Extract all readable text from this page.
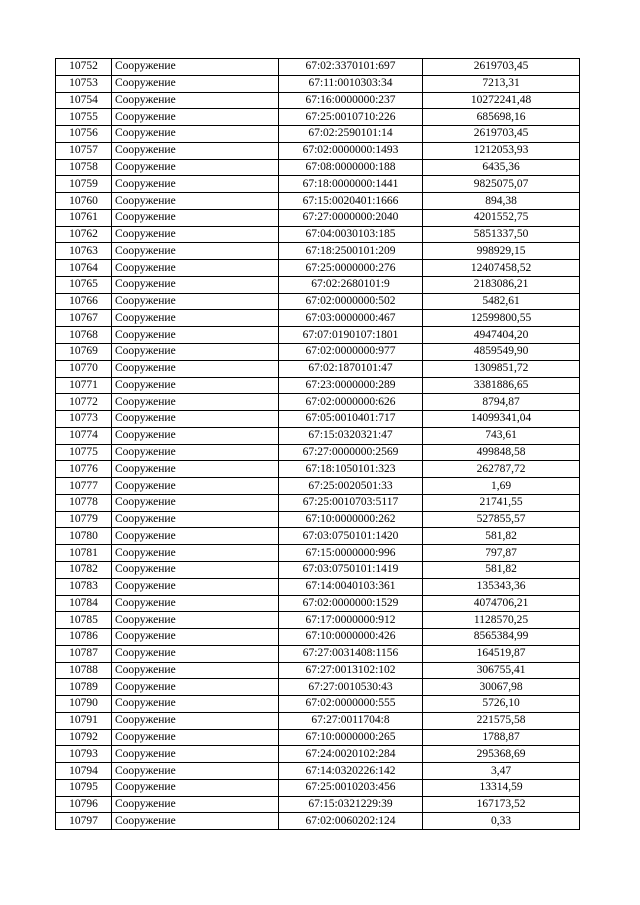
10752	Сооружение	67:02:3370101:697	2619703,45
10753	Сооружение	67:11:0010303:34	7213,31
10754	Сооружение	67:16:0000000:237	10272241,48
10755	Сооружение	67:25:0010710:226	685698,16
10756	Сооружение	67:02:2590101:14	2619703,45
10757	Сооружение	67:02:0000000:1493	1212053,93
10758	Сооружение	67:08:0000000:188	6435,36
10759	Сооружение	67:18:0000000:1441	9825075,07
10760	Сооружение	67:15:0020401:1666	894,38
10761	Сооружение	67:27:0000000:2040	4201552,75
10762	Сооружение	67:04:0030103:185	5851337,50
10763	Сооружение	67:18:2500101:209	998929,15
10764	Сооружение	67:25:0000000:276	12407458,52
10765	Сооружение	67:02:2680101:9	2183086,21
10766	Сооружение	67:02:0000000:502	5482,61
10767	Сооружение	67:03:0000000:467	12599800,55
10768	Сооружение	67:07:0190107:1801	4947404,20
10769	Сооружение	67:02:0000000:977	4859549,90
10770	Сооружение	67:02:1870101:47	1309851,72
10771	Сооружение	67:23:0000000:289	3381886,65
10772	Сооружение	67:02:0000000:626	8794,87
10773	Сооружение	67:05:0010401:717	14099341,04
10774	Сооружение	67:15:0320321:47	743,61
10775	Сооружение	67:27:0000000:2569	499848,58
10776	Сооружение	67:18:1050101:323	262787,72
10777	Сооружение	67:25:0020501:33	1,69
10778	Сооружение	67:25:0010703:5117	21741,55
10779	Сооружение	67:10:0000000:262	527855,57
10780	Сооружение	67:03:0750101:1420	581,82
10781	Сооружение	67:15:0000000:996	797,87
10782	Сооружение	67:03:0750101:1419	581,82
10783	Сооружение	67:14:0040103:361	135343,36
10784	Сооружение	67:02:0000000:1529	4074706,21
10785	Сооружение	67:17:0000000:912	1128570,25
10786	Сооружение	67:10:0000000:426	8565384,99
10787	Сооружение	67:27:0031408:1156	164519,87
10788	Сооружение	67:27:0013102:102	306755,41
10789	Сооружение	67:27:0010530:43	30067,98
10790	Сооружение	67:02:0000000:555	5726,10
10791	Сооружение	67:27:0011704:8	221575,58
10792	Сооружение	67:10:0000000:265	1788,87
10793	Сооружение	67:24:0020102:284	295368,69
10794	Сооружение	67:14:0320226:142	3,47
10795	Сооружение	67:25:0010203:456	13314,59
10796	Сооружение	67:15:0321229:39	167173,52
10797	Сооружение	67:02:0060202:124	0,33
